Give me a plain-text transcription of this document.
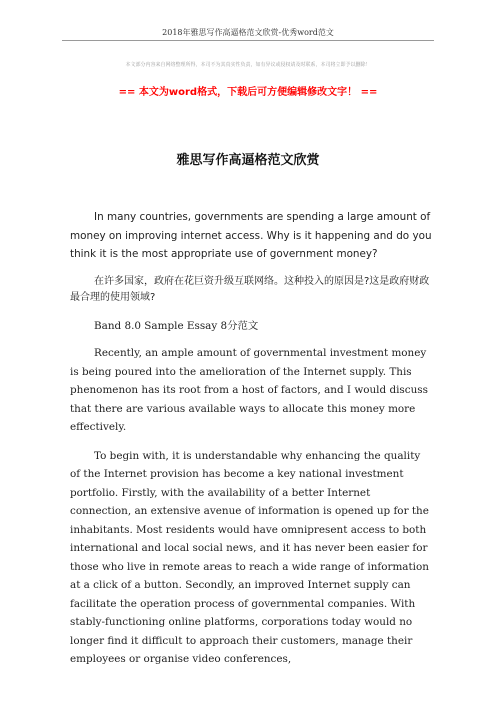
2018年雅思写作高逼格范文欣赏-优秀word范文
本文部分内容来自网络整理所得，本司不为其真实性负责，如有异议或侵权请及时联系，本司将立即予以删除！
== 本文为word格式，下载后可方便编辑修改文字！ ==
雅思写作高逼格范文欣赏

In many countries, governments are spending a large amount of money on improving internet access. Why is it happening and do you think it is the most appropriate use of government money?

在许多国家，政府在花巨资升级互联网络。这种投入的原因是?这是政府财政最合理的使用领域?

Band 8.0 Sample Essay 8分范文

Recently, an ample amount of governmental investment money is being poured into the amelioration of the Internet supply. This phenomenon has its root from a host of factors, and I would discuss that there are various available ways to allocate this money more effectively.

To begin with, it is understandable why enhancing the quality of the Internet provision has become a key national investment portfolio. Firstly, with the availability of a better Internet connection, an extensive avenue of information is opened up for the inhabitants. Most residents would have omnipresent access to both international and local social news, and it has never been easier for those who live in remote areas to reach a wide range of information at a click of a button. Secondly, an improved Internet supply can facilitate the operation process of governmental companies. With stably-functioning online platforms, corporations today would no longer find it difficult to approach their customers, manage their employees or organise video conferences,
